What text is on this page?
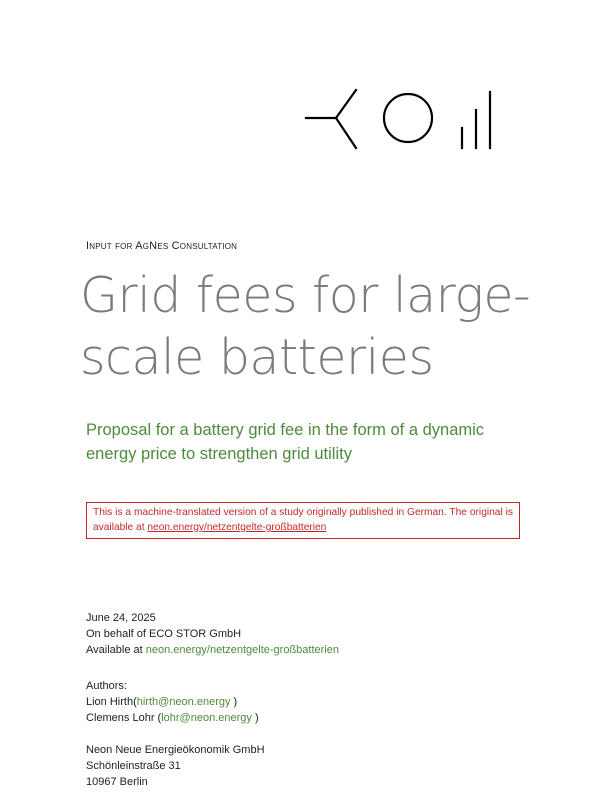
Input for AgNes Consultation
Grid fees for large-
scale batteries
Proposal for a battery grid fee in the form of a dynamic
energy price to strengthen grid utility
This is a machine-translated version of a study originally published in German. The original is available at neon.energy/netzentgelte-großbatterien
June 24, 2025
On behalf of ECO STOR GmbH
Available at neon.energy/netzentgelte-großbatterien
Authors:
Lion Hirth(hirth@neon.energy )
Clemens Lohr (lohr@neon.energy )
Neon Neue Energieökonomik GmbH
Schönleinstraße 31
10967 Berlin
